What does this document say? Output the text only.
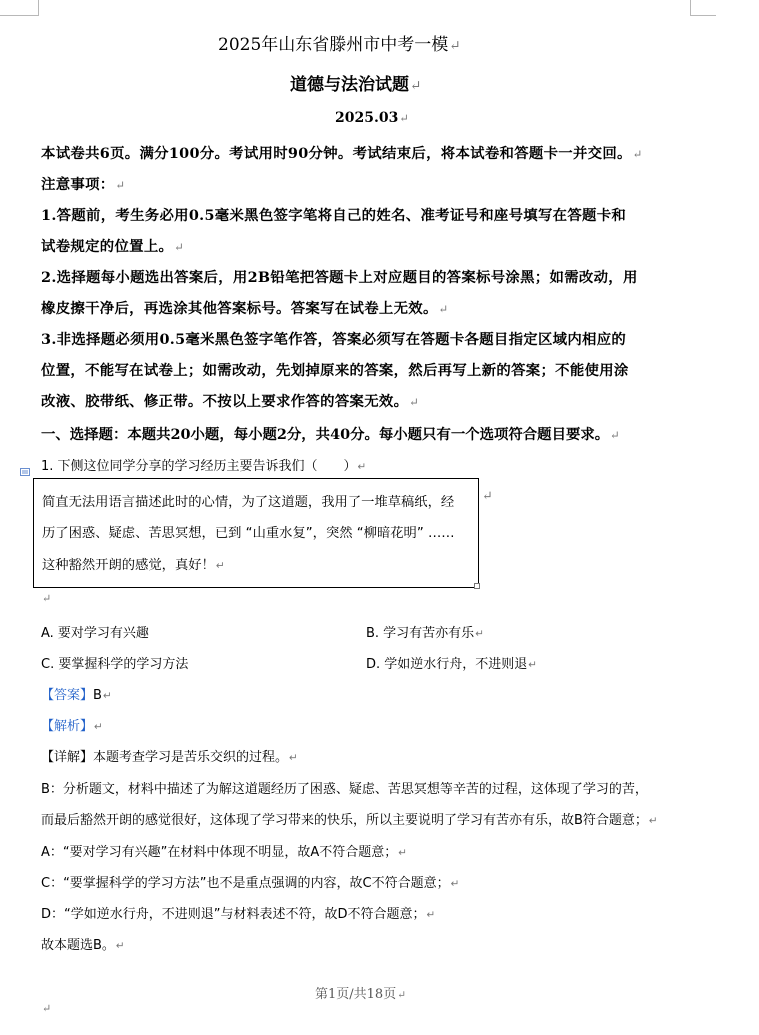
2025年山东省滕州市中考一模↵
道德与法治试题↵
2025.03↵
本试卷共6页。满分100分。考试用时90分钟。考试结束后，将本试卷和答题卡一并交回。↵
注意事项：↵
1.答题前，考生务必用0.5毫米黑色签字笔将自己的姓名、准考证号和座号填写在答题卡和
试卷规定的位置上。↵
2.选择题每小题选出答案后，用2B铅笔把答题卡上对应题目的答案标号涂黑；如需改动，用
橡皮擦干净后，再选涂其他答案标号。答案写在试卷上无效。↵
3.非选择题必须用0.5毫米黑色签字笔作答，答案必须写在答题卡各题目指定区域内相应的
位置，不能写在试卷上；如需改动，先划掉原来的答案，然后再写上新的答案；不能使用涂
改液、胶带纸、修正带。不按以上要求作答的答案无效。↵
一、选择题：本题共20小题，每小题2分，共40分。每小题只有一个选项符合题目要求。↵
1. 下侧这位同学分享的学习经历主要告诉我们（　　）↵
简直无法用语言描述此时的心情，为了这道题，我用了一堆草稿纸，经
历了困惑、疑虑、苦思冥想，已到 “山重水复”，突然 “柳暗花明” ……
这种豁然开朗的感觉，真好！↵
↵
↵
A. 要对学习有兴趣	B. 学习有苦亦有乐↵
C. 要掌握科学的学习方法	D. 学如逆水行舟，不进则退↵
【答案】B↵
【解析】↵
【详解】本题考查学习是苦乐交织的过程。↵
B：分析题文，材料中描述了为解这道题经历了困惑、疑虑、苦思冥想等辛苦的过程，这体现了学习的苦，
而最后豁然开朗的感觉很好，这体现了学习带来的快乐，所以主要说明了学习有苦亦有乐，故B符合题意；↵
A：“要对学习有兴趣”在材料中体现不明显，故A不符合题意；↵
C：“要掌握科学的学习方法”也不是重点强调的内容，故C不符合题意；↵
D：“学如逆水行舟，不进则退”与材料表述不符，故D不符合题意；↵
故本题选B。↵
第1页/共18页↵
↵
